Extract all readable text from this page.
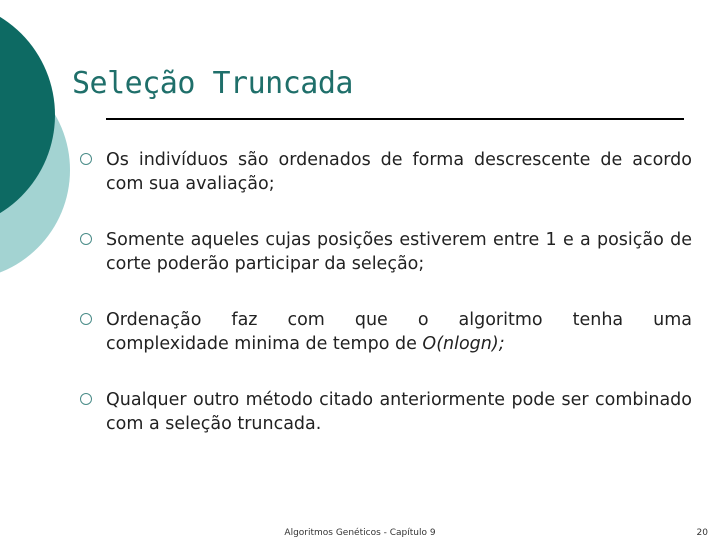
Seleção Truncada
Os indivíduos são ordenados de forma descrescente de acordo com sua avaliação;
Somente aqueles cujas posições estiverem entre 1 e a posição de corte poderão participar da seleção;
Ordenação faz com que o algoritmo tenha uma
complexidade minima de tempo de O(nlogn);
Qualquer outro método citado anteriormente pode ser combinado com a seleção truncada.
Algoritmos Genéticos - Capítulo 9	20
